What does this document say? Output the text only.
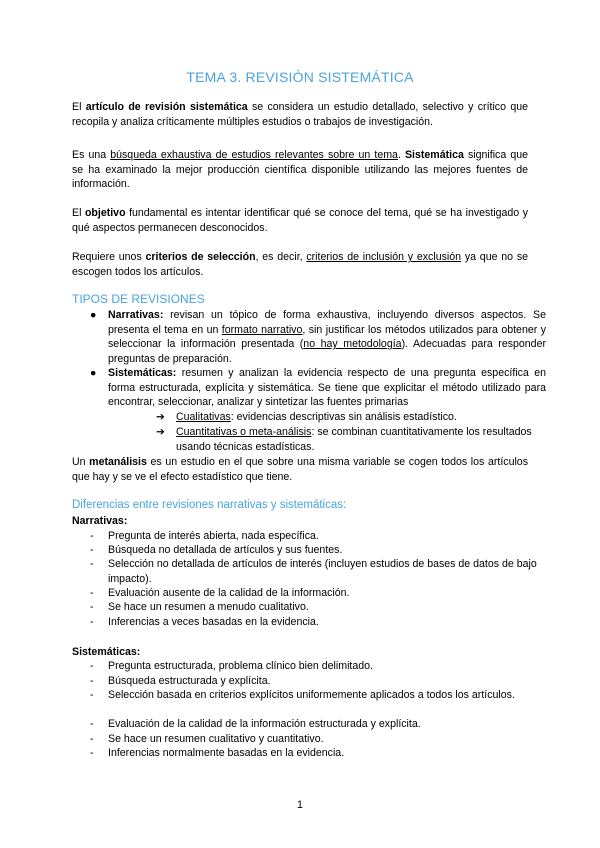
TEMA 3. REVISIÓN SISTEMÁTICA
El artículo de revisión sistemática se considera un estudio detallado, selectivo y crítico que recopila y analiza críticamente múltiples estudios o trabajos de investigación.
Es una búsqueda exhaustiva de estudios relevantes sobre un tema. Sistemática significa que se ha examinado la mejor producción científica disponible utilizando las mejores fuentes de información.
El objetivo fundamental es intentar identificar qué se conoce del tema, qué se ha investigado y qué aspectos permanecen desconocidos.
Requiere unos criterios de selección, es decir, criterios de inclusión y exclusión ya que no se escogen todos los artículos.
TIPOS DE REVISIONES
● Narrativas: revisan un tópico de forma exhaustiva, incluyendo diversos aspectos. Se presenta el tema en un formato narrativo, sin justificar los métodos utilizados para obtener y seleccionar la información presentada (no hay metodología). Adecuadas para responder preguntas de preparación.
● Sistemáticas: resumen y analizan la evidencia respecto de una pregunta específica en forma estructurada, explícita y sistemática. Se tiene que explicitar el método utilizado para encontrar, seleccionar, analizar y sintetizar las fuentes primarias
➔ Cualitativas: evidencias descriptivas sin análisis estadístico.
➔ Cuantitativas o meta-análisis: se combinan cuantitativamente los resultados usando técnicas estadísticas.
Un metanálisis es un estudio en el que sobre una misma variable se cogen todos los artículos que hay y se ve el efecto estadístico que tiene.
Diferencias entre revisiones narrativas y sistemáticas:
Narrativas:
- Pregunta de interés abierta, nada específica.
- Búsqueda no detallada de artículos y sus fuentes.
- Selección no detallada de artículos de interés (incluyen estudios de bases de datos de bajo impacto).
- Evaluación ausente de la calidad de la información.
- Se hace un resumen a menudo cualitativo.
- Inferencias a veces basadas en la evidencia.
Sistemáticas:
- Pregunta estructurada, problema clínico bien delimitado.
- Búsqueda estructurada y explícita.
- Selección basada en criterios explícitos uniformemente aplicados a todos los artículos.
- Evaluación de la calidad de la información estructurada y explícita.
- Se hace un resumen cualitativo y cuantitativo.
- Inferencias normalmente basadas en la evidencia.
1
